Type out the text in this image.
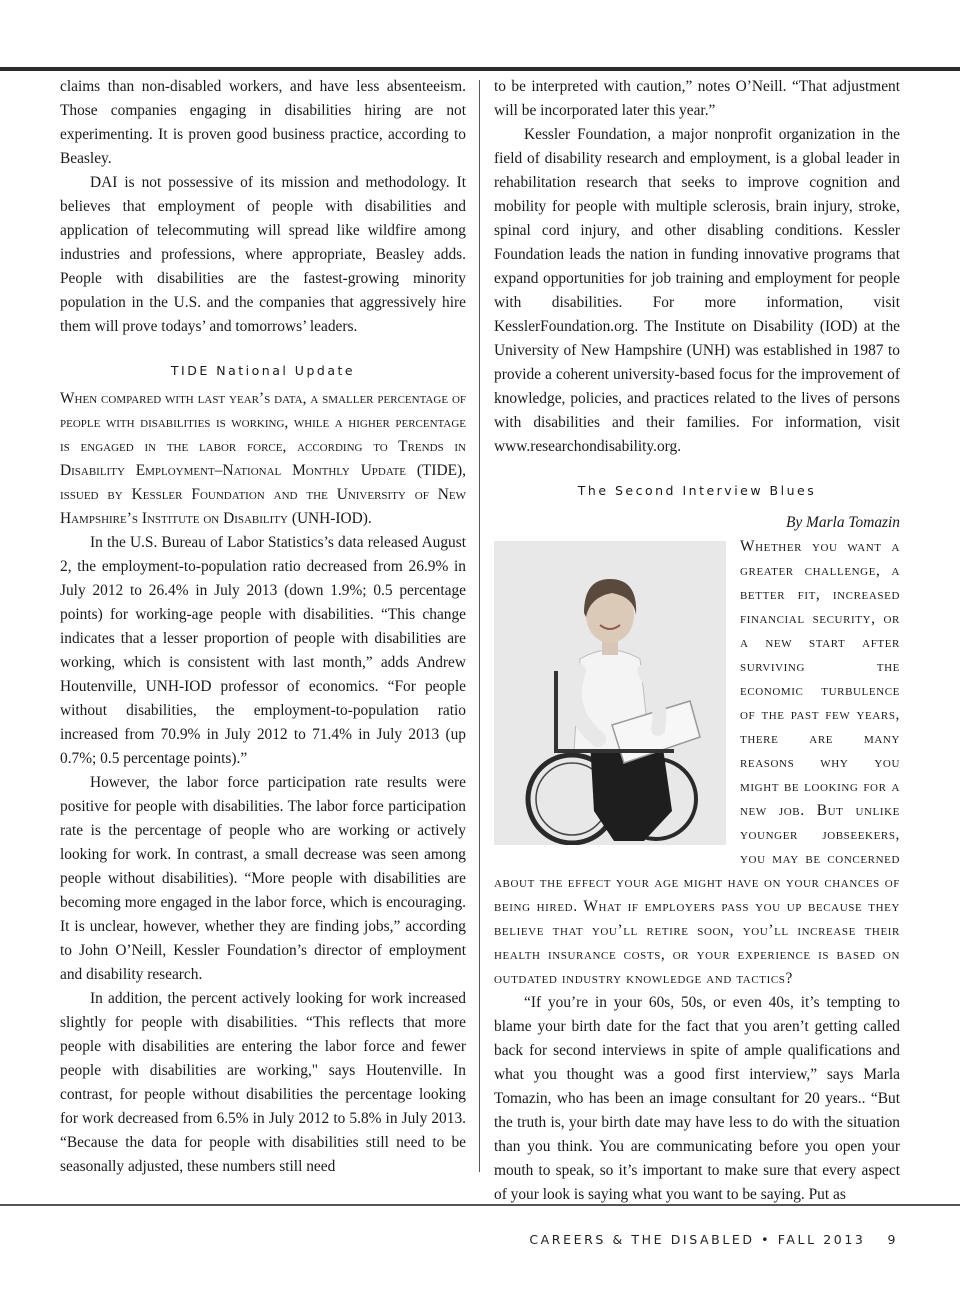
claims than non-disabled workers, and have less absenteeism. Those companies engaging in disabilities hiring are not experimenting. It is proven good business practice, according to Beasley.

DAI is not possessive of its mission and methodology. It believes that employment of people with disabilities and application of telecommuting will spread like wildfire among industries and professions, where appropriate, Beasley adds. People with disabilities are the fastest-growing minority population in the U.S. and the companies that aggressively hire them will prove todays’ and tomorrows’ leaders.

TIDE National Update

When compared with last year’s data, a smaller percentage of people with disabilities is working, while a higher percentage is engaged in the labor force, according to Trends in Disability Employment–National Monthly Update (TIDE), issued by Kessler Foundation and the University of New Hampshire’s Institute on Disability (UNH-IOD).

In the U.S. Bureau of Labor Statistics’s data released August 2, the employment-to-population ratio decreased from 26.9% in July 2012 to 26.4% in July 2013 (down 1.9%; 0.5 percentage points) for working-age people with disabilities. “This change indicates that a lesser proportion of people with disabilities are working, which is consistent with last month,” adds Andrew Houtenville, UNH-IOD professor of economics. “For people without disabilities, the employment-to-population ratio increased from 70.9% in July 2012 to 71.4% in July 2013 (up 0.7%; 0.5 percentage points).”

However, the labor force participation rate results were positive for people with disabilities. The labor force participation rate is the percentage of people who are working or actively looking for work. In contrast, a small decrease was seen among people without disabilities). “More people with disabilities are becoming more engaged in the labor force, which is encouraging. It is unclear, however, whether they are finding jobs,” according to John O’Neill, Kessler Foundation’s director of employment and disability research.

In addition, the percent actively looking for work increased slightly for people with disabilities. “This reflects that more people with disabilities are entering the labor force and fewer people with disabilities are working," says Houtenville. In contrast, for people without disabilities the percentage looking for work decreased from 6.5% in July 2012 to 5.8% in July 2013. “Because the data for people with disabilities still need to be seasonally adjusted, these numbers still need

to be interpreted with caution,” notes O’Neill. “That adjustment will be incorporated later this year.”

Kessler Foundation, a major nonprofit organization in the field of disability research and employment, is a global leader in rehabilitation research that seeks to improve cognition and mobility for people with multiple sclerosis, brain injury, stroke, spinal cord injury, and other disabling conditions. Kessler Foundation leads the nation in funding innovative programs that expand opportunities for job training and employment for people with disabilities. For more information, visit KesslerFoundation.org. The Institute on Disability (IOD) at the University of New Hampshire (UNH) was established in 1987 to provide a coherent university-based focus for the improvement of knowledge, policies, and practices related to the lives of persons with disabilities and their families. For information, visit www.researchondisability.org.

The Second Interview Blues

By Marla Tomazin

Whether you want a greater challenge, a better fit, increased financial security, or a new start after surviving the economic turbulence of the past few years, there are many reasons why you might be looking for a new job. But unlike younger jobseekers, you may be concerned about the effect your age might have on your chances of being hired. What if employers pass you up because they believe that you’ll retire soon, you’ll increase their health insurance costs, or your experience is based on outdated industry knowledge and tactics?

“If you’re in your 60s, 50s, or even 40s, it’s tempting to blame your birth date for the fact that you aren’t getting called back for second interviews in spite of ample qualifications and what you thought was a good first interview,” says Marla Tomazin, who has been an image consultant for 20 years.. “But the truth is, your birth date may have less to do with the situation than you think. You are communicating before you open your mouth to speak, so it’s important to make sure that every aspect of your look is saying what you want to be saying. Put as

CAREERS & THE DISABLED • FALL 2013 9
